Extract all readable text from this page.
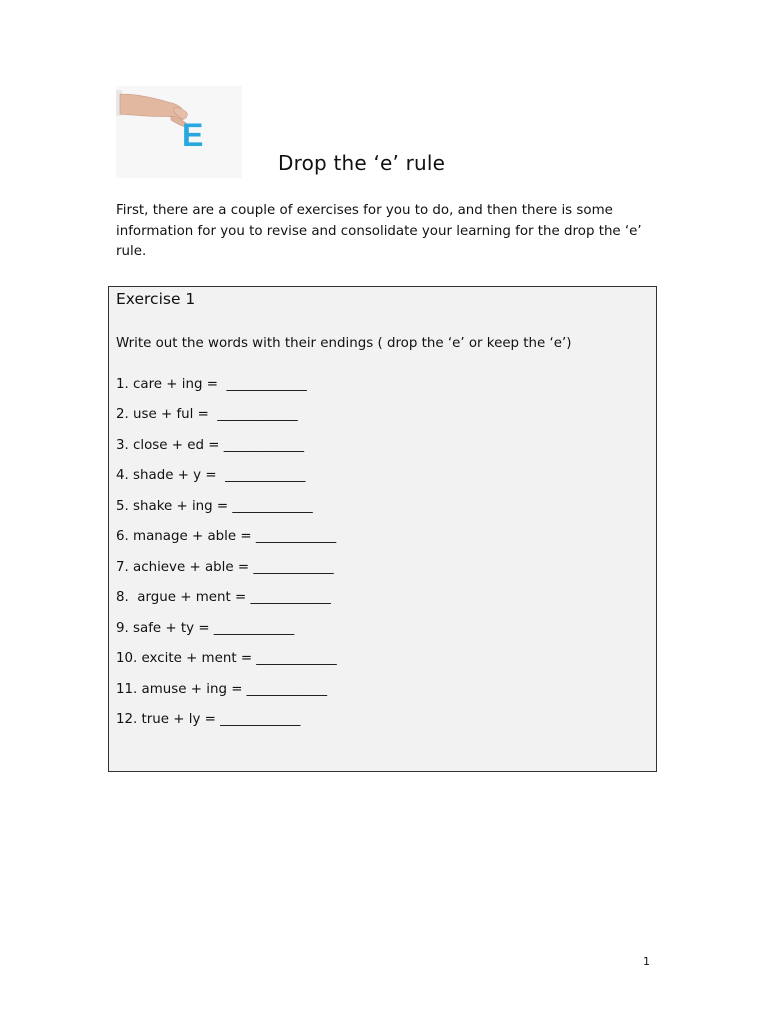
E
Drop the ‘e’ rule
First, there are a couple of exercises for you to do, and then there is some information for you to revise and consolidate your learning for the drop the ‘e’ rule.
Exercise 1
Write out the words with their endings ( drop the ‘e’ or keep the ‘e’)
1. care + ing =  ____________
2. use + ful =  ____________
3. close + ed = ____________
4. shade + y =  ____________
5. shake + ing = ____________
6. manage + able = ____________
7. achieve + able = ____________
8.  argue + ment = ____________
9. safe + ty = ____________
10. excite + ment = ____________
11. amuse + ing = ____________
12. true + ly = ____________
1
